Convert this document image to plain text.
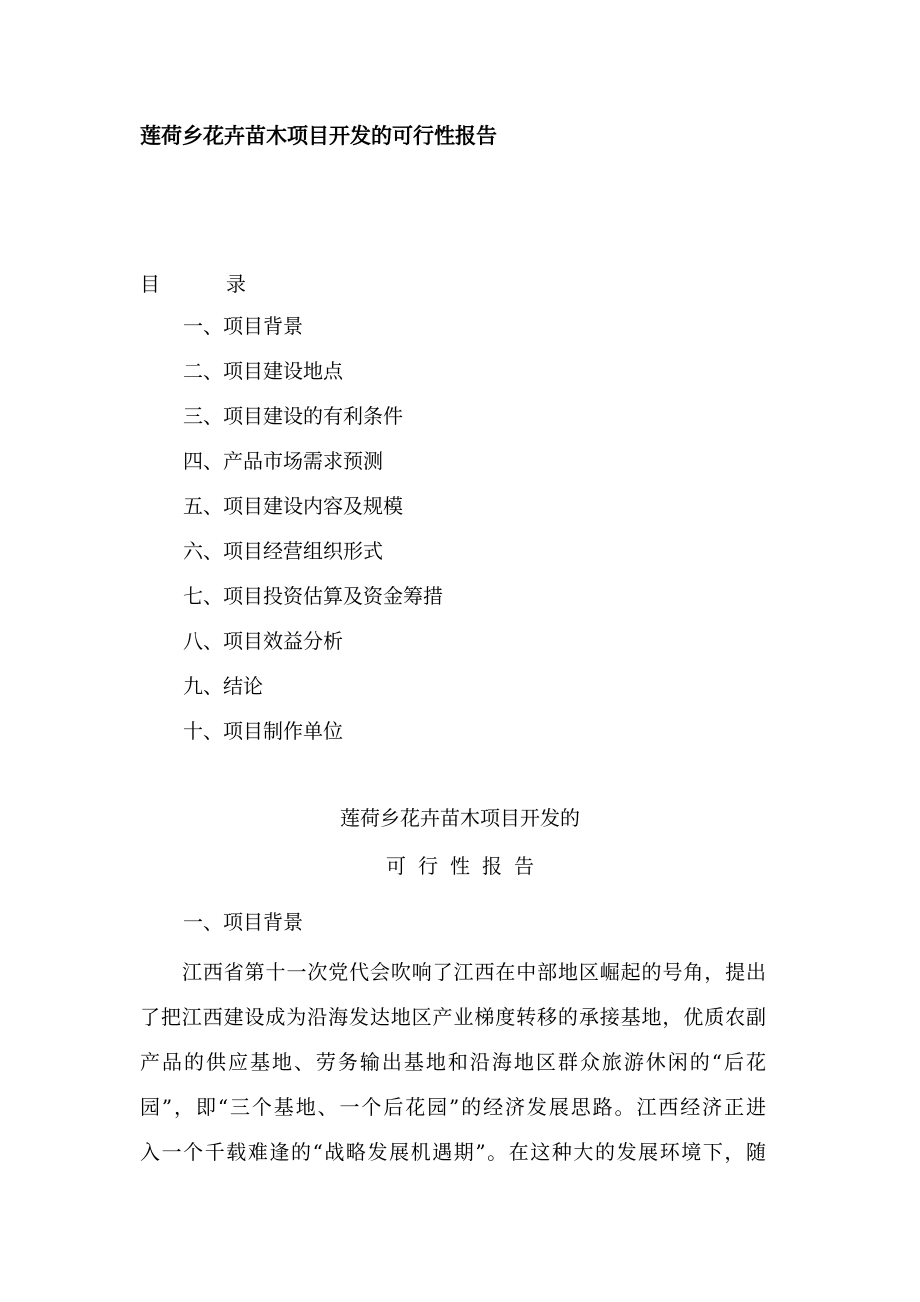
莲荷乡花卉苗木项目开发的可行性报告
目	录
一、项目背景
二、项目建设地点
三、项目建设的有利条件
四、产品市场需求预测
五、项目建设内容及规模
六、项目经营组织形式
七、项目投资估算及资金筹措
八、项目效益分析
九、结论
十、项目制作单位
莲荷乡花卉苗木项目开发的
可行性报告
一、项目背景
江西省第十一次党代会吹响了江西在中部地区崛起的号角，提出
了把江西建设成为沿海发达地区产业梯度转移的承接基地，优质农副
产品的供应基地、劳务输出基地和沿海地区群众旅游休闲的“后花
园”，即“三个基地、一个后花园”的经济发展思路。江西经济正进
入一个千载难逢的“战略发展机遇期”。在这种大的发展环境下，随
